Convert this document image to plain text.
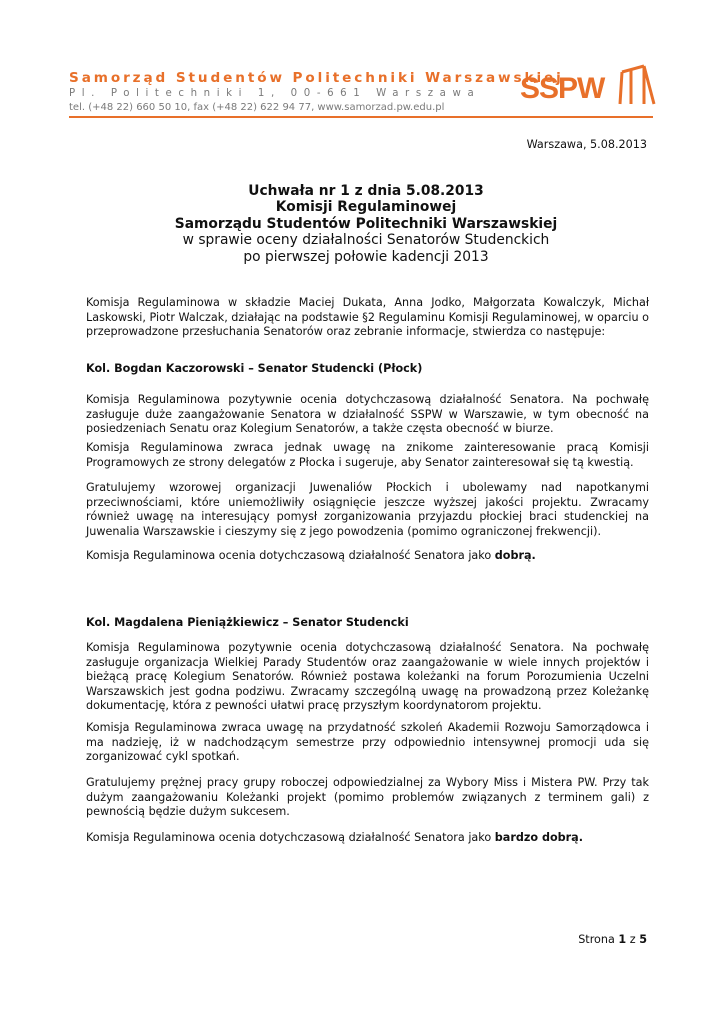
Samorząd Studentów Politechniki Warszawskiej
Pl. Politechniki 1, 00-661 Warszawa
tel. (+48 22) 660 50 10, fax (+48 22) 622 94 77, www.samorzad.pw.edu.pl
SSPW
Warszawa, 5.08.2013
Uchwała nr 1 z dnia 5.08.2013
Komisji Regulaminowej
Samorządu Studentów Politechniki Warszawskiej
w sprawie oceny działalności Senatorów Studenckich
po pierwszej połowie kadencji 2013
Komisja Regulaminowa w składzie Maciej Dukata, Anna Jodko, Małgorzata Kowalczyk, Michał Laskowski, Piotr Walczak, działając na podstawie §2 Regulaminu Komisji Regulaminowej, w oparciu o przeprowadzone przesłuchania Senatorów oraz zebranie informacje, stwierdza co następuje:
Kol. Bogdan Kaczorowski – Senator Studencki (Płock)
Komisja Regulaminowa pozytywnie ocenia dotychczasową działalność Senatora. Na pochwałę zasługuje duże zaangażowanie Senatora w działalność SSPW w Warszawie, w tym obecność na posiedzeniach Senatu oraz Kolegium Senatorów, a także częsta obecność w biurze.
Komisja Regulaminowa zwraca jednak uwagę na znikome zainteresowanie pracą Komisji Programowych ze strony delegatów z Płocka i sugeruje, aby Senator zainteresował się tą kwestią.
Gratulujemy wzorowej organizacji Juwenaliów Płockich i ubolewamy nad napotkanymi przeciwnościami, które uniemożliwiły osiągnięcie jeszcze wyższej jakości projektu. Zwracamy również uwagę na interesujący pomysł zorganizowania przyjazdu płockiej braci studenckiej na Juwenalia Warszawskie i cieszymy się z jego powodzenia (pomimo ograniczonej frekwencji).
Komisja Regulaminowa ocenia dotychczasową działalność Senatora jako dobrą.
Kol. Magdalena Pieniążkiewicz – Senator Studencki
Komisja Regulaminowa pozytywnie ocenia dotychczasową działalność Senatora. Na pochwałę zasługuje organizacja Wielkiej Parady Studentów oraz zaangażowanie w wiele innych projektów i bieżącą pracę Kolegium Senatorów. Również postawa koleżanki na forum Porozumienia Uczelni Warszawskich jest godna podziwu. Zwracamy szczególną uwagę na prowadzoną przez Koleżankę dokumentację, która z pewności ułatwi pracę przyszłym koordynatorom projektu.
Komisja Regulaminowa zwraca uwagę na przydatność szkoleń Akademii Rozwoju Samorządowca i ma nadzieję, iż w nadchodzącym semestrze przy odpowiednio intensywnej promocji uda się zorganizować cykl spotkań.
Gratulujemy prężnej pracy grupy roboczej odpowiedzialnej za Wybory Miss i Mistera PW. Przy tak dużym zaangażowaniu Koleżanki projekt (pomimo problemów związanych z terminem gali) z pewnością będzie dużym sukcesem.
Komisja Regulaminowa ocenia dotychczasową działalność Senatora jako bardzo dobrą.
Strona 1 z 5
